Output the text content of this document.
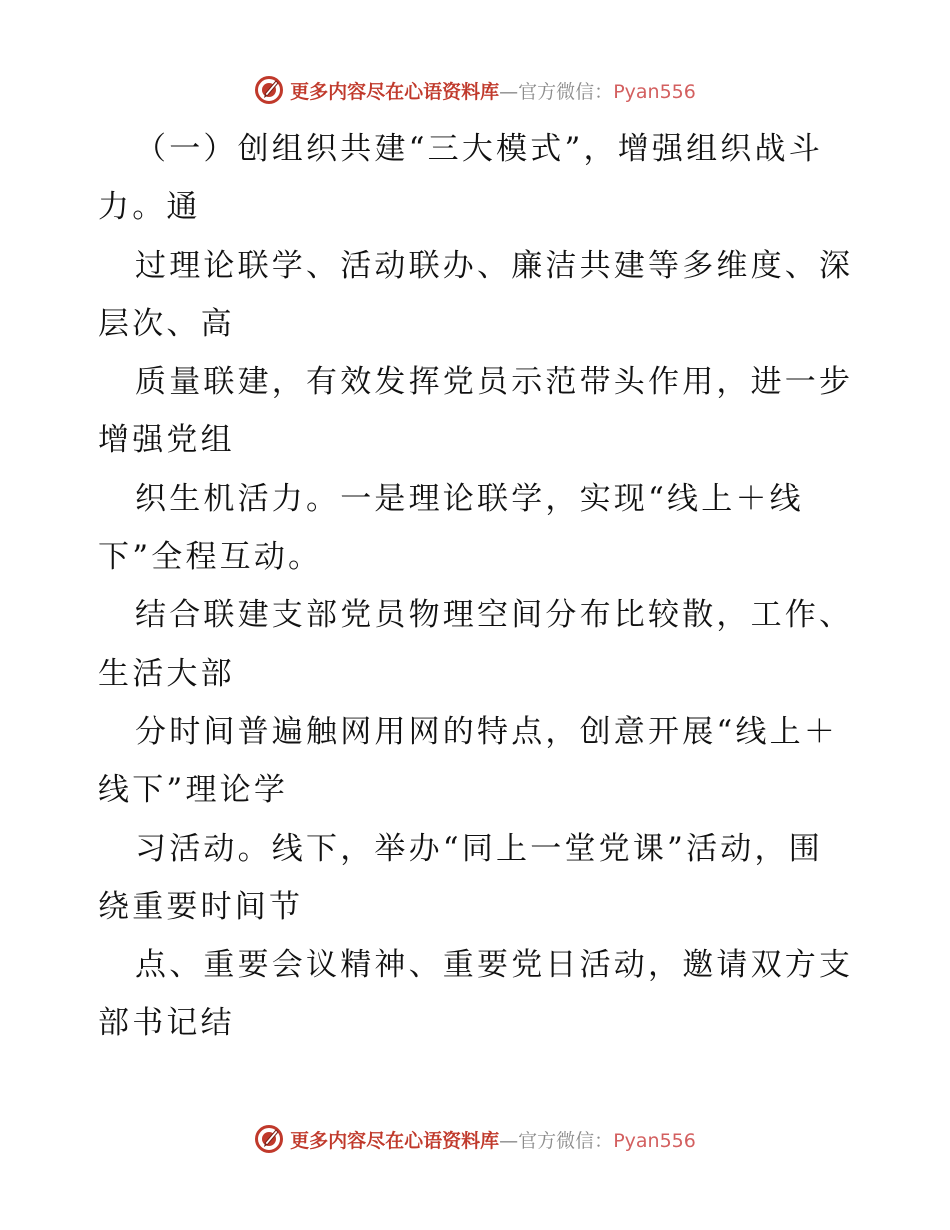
更多内容尽在心语资料库—官方微信：Pyan556
（一）创组织共建“三大模式”，增强组织战斗
力。通
过理论联学、活动联办、廉洁共建等多维度、深
层次、高
质量联建，有效发挥党员示范带头作用，进一步
增强党组
织生机活力。一是理论联学，实现“线上＋线
下”全程互动。
结合联建支部党员物理空间分布比较散，工作、
生活大部
分时间普遍触网用网的特点，创意开展“线上＋
线下”理论学
习活动。线下，举办“同上一堂党课”活动，围
绕重要时间节
点、重要会议精神、重要党日活动，邀请双方支
部书记结
更多内容尽在心语资料库—官方微信：Pyan556
